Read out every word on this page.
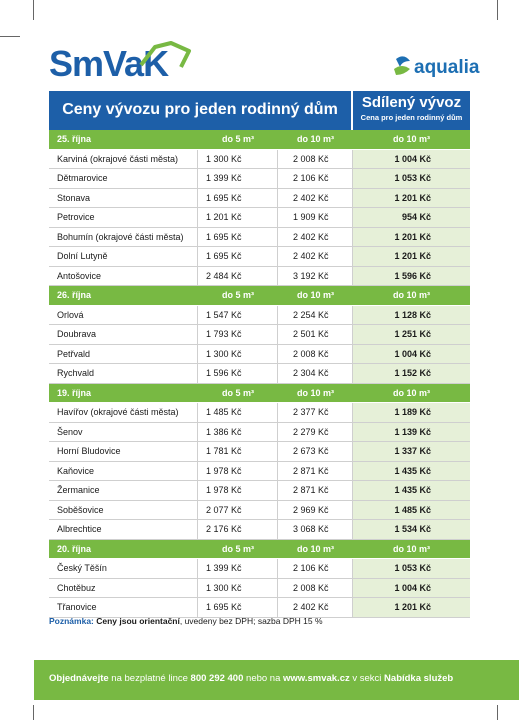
SmVaK	aqualia
Ceny vývozu pro jeden rodinný dům	Sdílený vývoz
Cena pro jeden rodinný dům
25. října	do 5 m³	do 10 m³	do 10 m³
Karviná (okrajové části města)	1 300 Kč	2 008 Kč	1 004 Kč
Dětmarovice	1 399 Kč	2 106 Kč	1 053 Kč
Stonava	1 695 Kč	2 402 Kč	1 201 Kč
Petrovice	1 201 Kč	1 909 Kč	954 Kč
Bohumín (okrajové části města)	1 695 Kč	2 402 Kč	1 201 Kč
Dolní Lutyně	1 695 Kč	2 402 Kč	1 201 Kč
Antošovice	2 484 Kč	3 192 Kč	1 596 Kč
26. října	do 5 m³	do 10 m³	do 10 m³
Orlová	1 547 Kč	2 254 Kč	1 128 Kč
Doubrava	1 793 Kč	2 501 Kč	1 251 Kč
Petřvald	1 300 Kč	2 008 Kč	1 004 Kč
Rychvald	1 596 Kč	2 304 Kč	1 152 Kč
19. října	do 5 m³	do 10 m³	do 10 m³
Havířov (okrajové části města)	1 485 Kč	2 377 Kč	1 189 Kč
Šenov	1 386 Kč	2 279 Kč	1 139 Kč
Horní Bludovice	1 781 Kč	2 673 Kč	1 337 Kč
Kaňovice	1 978 Kč	2 871 Kč	1 435 Kč
Žermanice	1 978 Kč	2 871 Kč	1 435 Kč
Soběšovice	2 077 Kč	2 969 Kč	1 485 Kč
Albrechtice	2 176 Kč	3 068 Kč	1 534 Kč
20. října	do 5 m³	do 10 m³	do 10 m³
Český Těšín	1 399 Kč	2 106 Kč	1 053 Kč
Chotěbuz	1 300 Kč	2 008 Kč	1 004 Kč
Třanovice	1 695 Kč	2 402 Kč	1 201 Kč
Poznámka: Ceny jsou orientační, uvedeny bez DPH; sazba DPH 15 %
Objednávejte na bezplatné lince 800 292 400 nebo na www.smvak.cz v sekci Nabídka služeb
